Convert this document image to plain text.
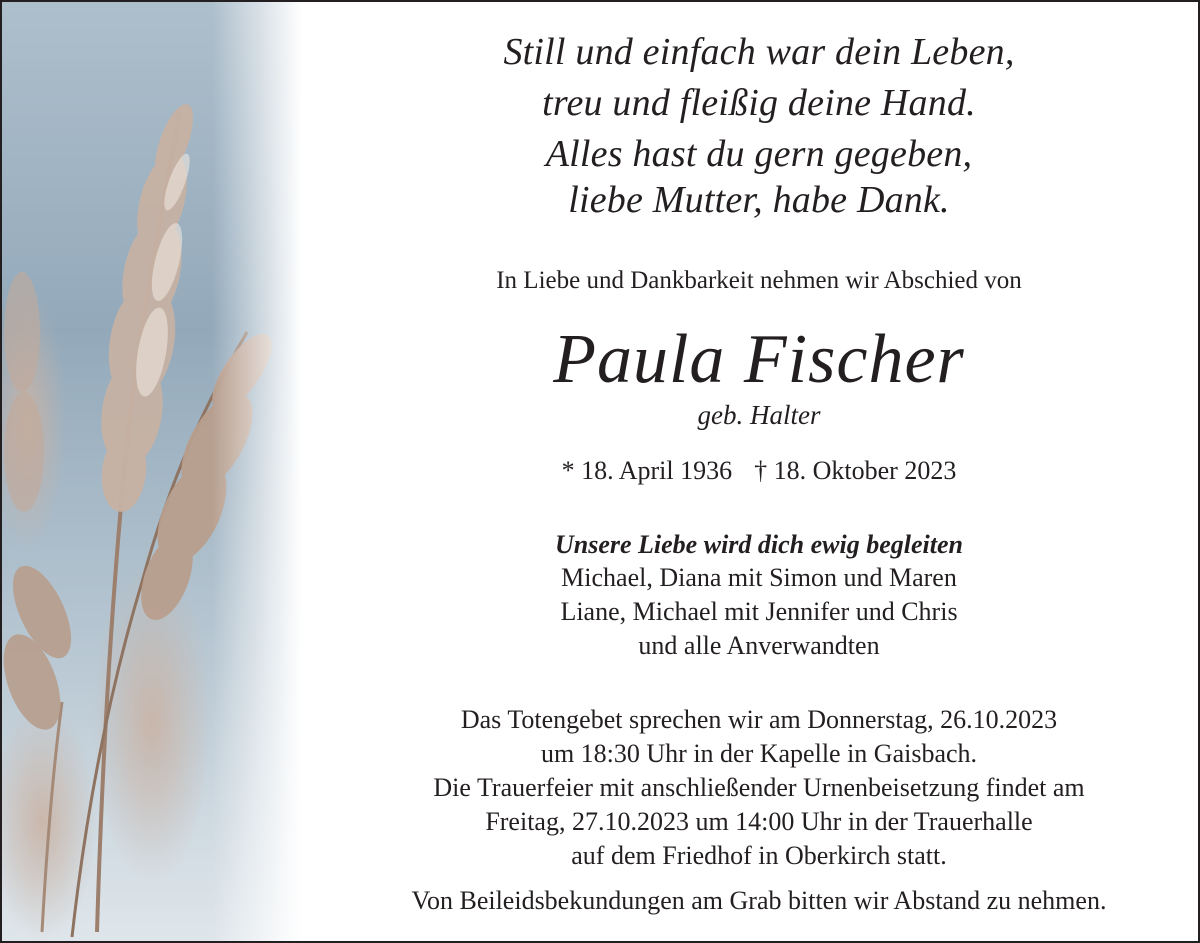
Still und einfach war dein Leben,

treu und fleißig deine Hand.

Alles hast du gern gegeben,

liebe Mutter, habe Dank.

In Liebe und Dankbarkeit nehmen wir Abschied von

Paula Fischer

geb. Halter

* 18. April 1936 † 18. Oktober 2023

Unsere Liebe wird dich ewig begleiten

Michael, Diana mit Simon und Maren

Liane, Michael mit Jennifer und Chris

und alle Anverwandten

Das Totengebet sprechen wir am Donnerstag, 26.10.2023

um 18:30 Uhr in der Kapelle in Gaisbach.

Die Trauerfeier mit anschließender Urnenbeisetzung findet am

Freitag, 27.10.2023 um 14:00 Uhr in der Trauerhalle

auf dem Friedhof in Oberkirch statt.

Von Beileidsbekundungen am Grab bitten wir Abstand zu nehmen.
